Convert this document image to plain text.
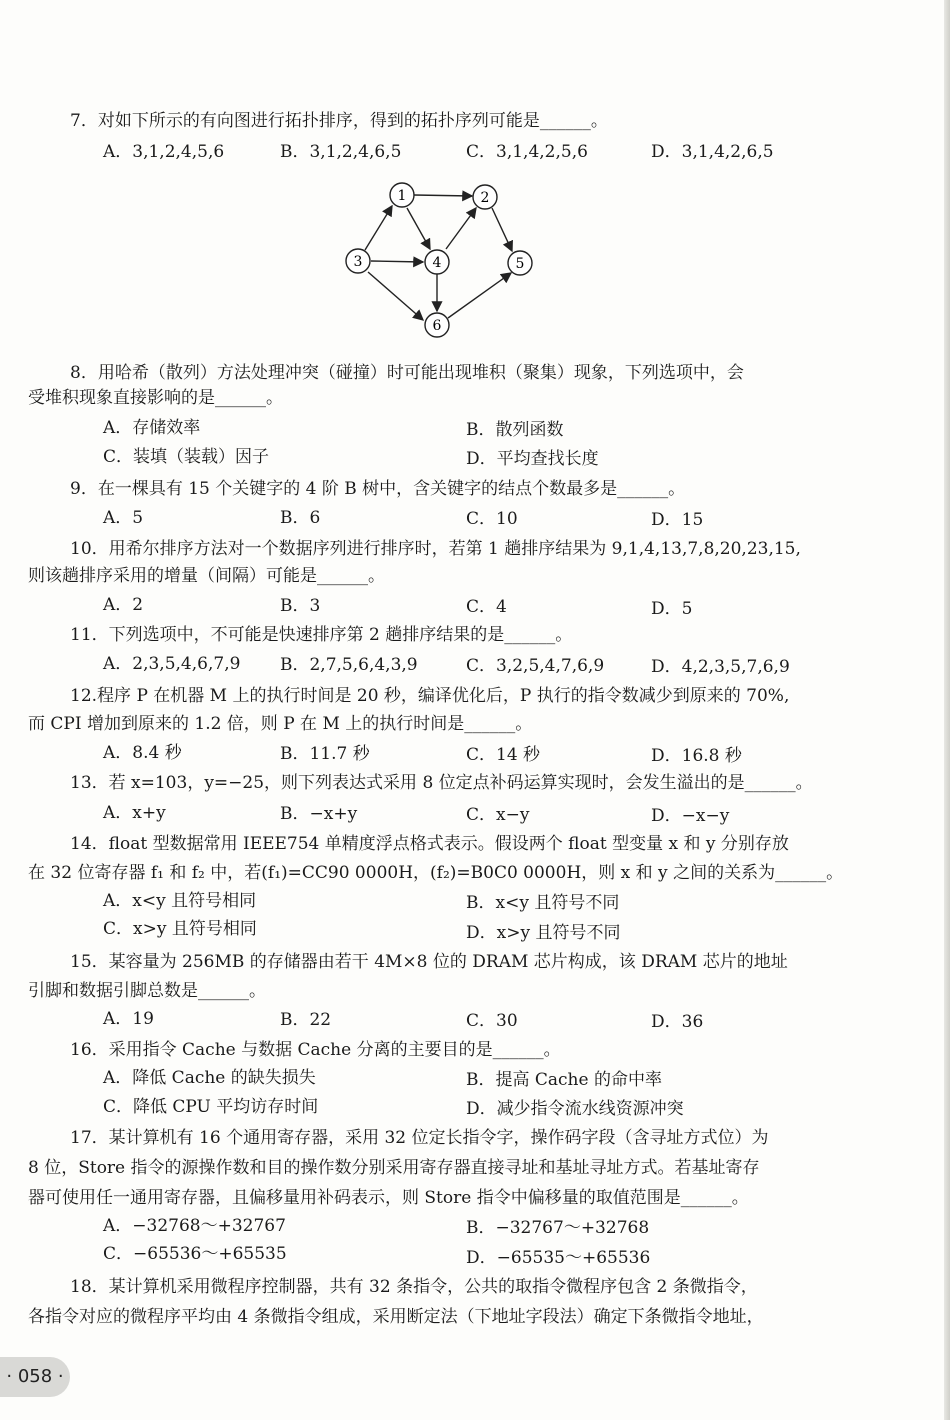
7．对如下所示的有向图进行拓扑排序，得到的拓扑序列可能是______。
A．3,1,2,4,5,6	B．3,1,2,4,6,5	C．3,1,4,2,5,6	D．3,1,4,2,6,5
1	2
3	4	5
6
8．用哈希（散列）方法处理冲突（碰撞）时可能出现堆积（聚集）现象，下列选项中，会
受堆积现象直接影响的是______。
A．存储效率	B．散列函数
C．装填（装载）因子	D．平均查找长度
9．在一棵具有 15 个关键字的 4 阶 B 树中，含关键字的结点个数最多是______。
A．5	B．6	C．10	D．15
10．用希尔排序方法对一个数据序列进行排序时，若第 1 趟排序结果为 9,1,4,13,7,8,20,23,15,
则该趟排序采用的增量（间隔）可能是______。
A．2	B．3	C．4	D．5
11．下列选项中，不可能是快速排序第 2 趟排序结果的是______。
A．2,3,5,4,6,7,9 B．2,7,5,6,4,3,9	C．3,2,5,4,7,6,9	D．4,2,3,5,7,6,9
12.程序 P 在机器 M 上的执行时间是 20 秒，编译优化后，P 执行的指令数减少到原来的 70%,
而 CPI 增加到原来的 1.2 倍，则 P 在 M 上的执行时间是______。
A．8.4 秒	B．11.7 秒	C．14 秒	D．16.8 秒
13．若 x=103，y=−25，则下列表达式采用 8 位定点补码运算实现时，会发生溢出的是______。
A．x+y	B．−x+y	C．x−y	D．−x−y
14．float 型数据常用 IEEE754 单精度浮点格式表示。假设两个 float 型变量 x 和 y 分别存放
在 32 位寄存器 f₁ 和 f₂ 中，若(f₁)=CC90 0000H，(f₂)=B0C0 0000H，则 x 和 y 之间的关系为______。
A．x<y 且符号相同	B．x<y 且符号不同
C．x>y 且符号相同	D．x>y 且符号不同
15．某容量为 256MB 的存储器由若干 4M×8 位的 DRAM 芯片构成，该 DRAM 芯片的地址
引脚和数据引脚总数是______。
A．19	B．22	C．30	D．36
16．采用指令 Cache 与数据 Cache 分离的主要目的是______。
A．降低 Cache 的缺失损失	B．提高 Cache 的命中率
C．降低 CPU 平均访存时间	D．减少指令流水线资源冲突
17．某计算机有 16 个通用寄存器，采用 32 位定长指令字，操作码字段（含寻址方式位）为
8 位，Store 指令的源操作数和目的操作数分别采用寄存器直接寻址和基址寻址方式。若基址寄存
器可使用任一通用寄存器，且偏移量用补码表示，则 Store 指令中偏移量的取值范围是______。
A．−32768～+32767	B．−32767～+32768
C．−65536～+65535	D．−65535～+65536
18．某计算机采用微程序控制器，共有 32 条指令，公共的取指令微程序包含 2 条微指令，
各指令对应的微程序平均由 4 条微指令组成，采用断定法（下地址字段法）确定下条微指令地址，
· 058 ·
